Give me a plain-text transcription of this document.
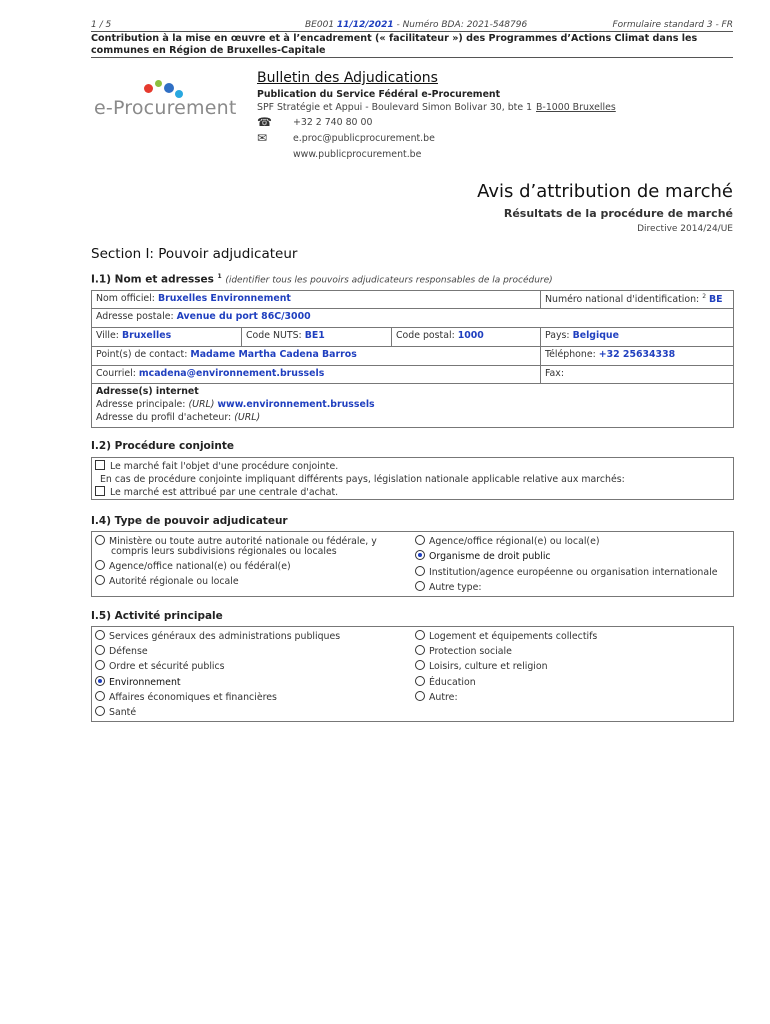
1 / 5	BE001 11/12/2021 - Numéro BDA: 2021-548796	Formulaire standard 3 - FR
Contribution à la mise en œuvre et à l’encadrement (« facilitateur ») des Programmes d’Actions Climat dans les communes en Région de Bruxelles-Capitale
e-Procurement
Bulletin des Adjudications
Publication du Service Fédéral e-Procurement
SPF Stratégie et Appui - Boulevard Simon Bolivar 30, bte 1 B-1000 Bruxelles
☎ +32 2 740 80 00
✉	e.proc@publicprocurement.be
www.publicprocurement.be
Avis d’attribution de marché
Résultats de la procédure de marché
Directive 2014/24/UE
Section I: Pouvoir adjudicateur
I.1) Nom et adresses $^1$ (identifier tous les pouvoirs adjudicateurs responsables de la procédure)
Nom officiel: Bruxelles Environnement	Numéro national d'identification: $^2$ BE
Adresse postale: Avenue du port 86C/3000
Ville: Bruxelles	Code NUTS: BE1	Code postal: 1000	Pays: Belgique
Point(s) de contact: Madame Martha Cadena Barros	Téléphone: +32 25634338
Courriel: mcadena@environnement.brussels	Fax:
Adresse(s) internet
Adresse principale: (URL) www.environnement.brussels
Adresse du profil d'acheteur: (URL)
I.2) Procédure conjointe
Le marché fait l'objet d'une procédure conjointe.
En cas de procédure conjointe impliquant différents pays, législation nationale applicable relative aux marchés:
Le marché est attribué par une centrale d'achat.
I.4) Type de pouvoir adjudicateur
Ministère ou toute autre autorité nationale ou fédérale, y
compris leurs subdivisions régionales ou locales
Agence/office national(e) ou fédéral(e)
Autorité régionale ou locale
Agence/office régional(e) ou local(e)
Organisme de droit public
Institution/agence européenne ou organisation internationale
Autre type:
I.5) Activité principale
Services généraux des administrations publiques
Défense
Ordre et sécurité publics
Environnement
Affaires économiques et financières
Santé
Logement et équipements collectifs
Protection sociale
Loisirs, culture et religion
Éducation
Autre:
